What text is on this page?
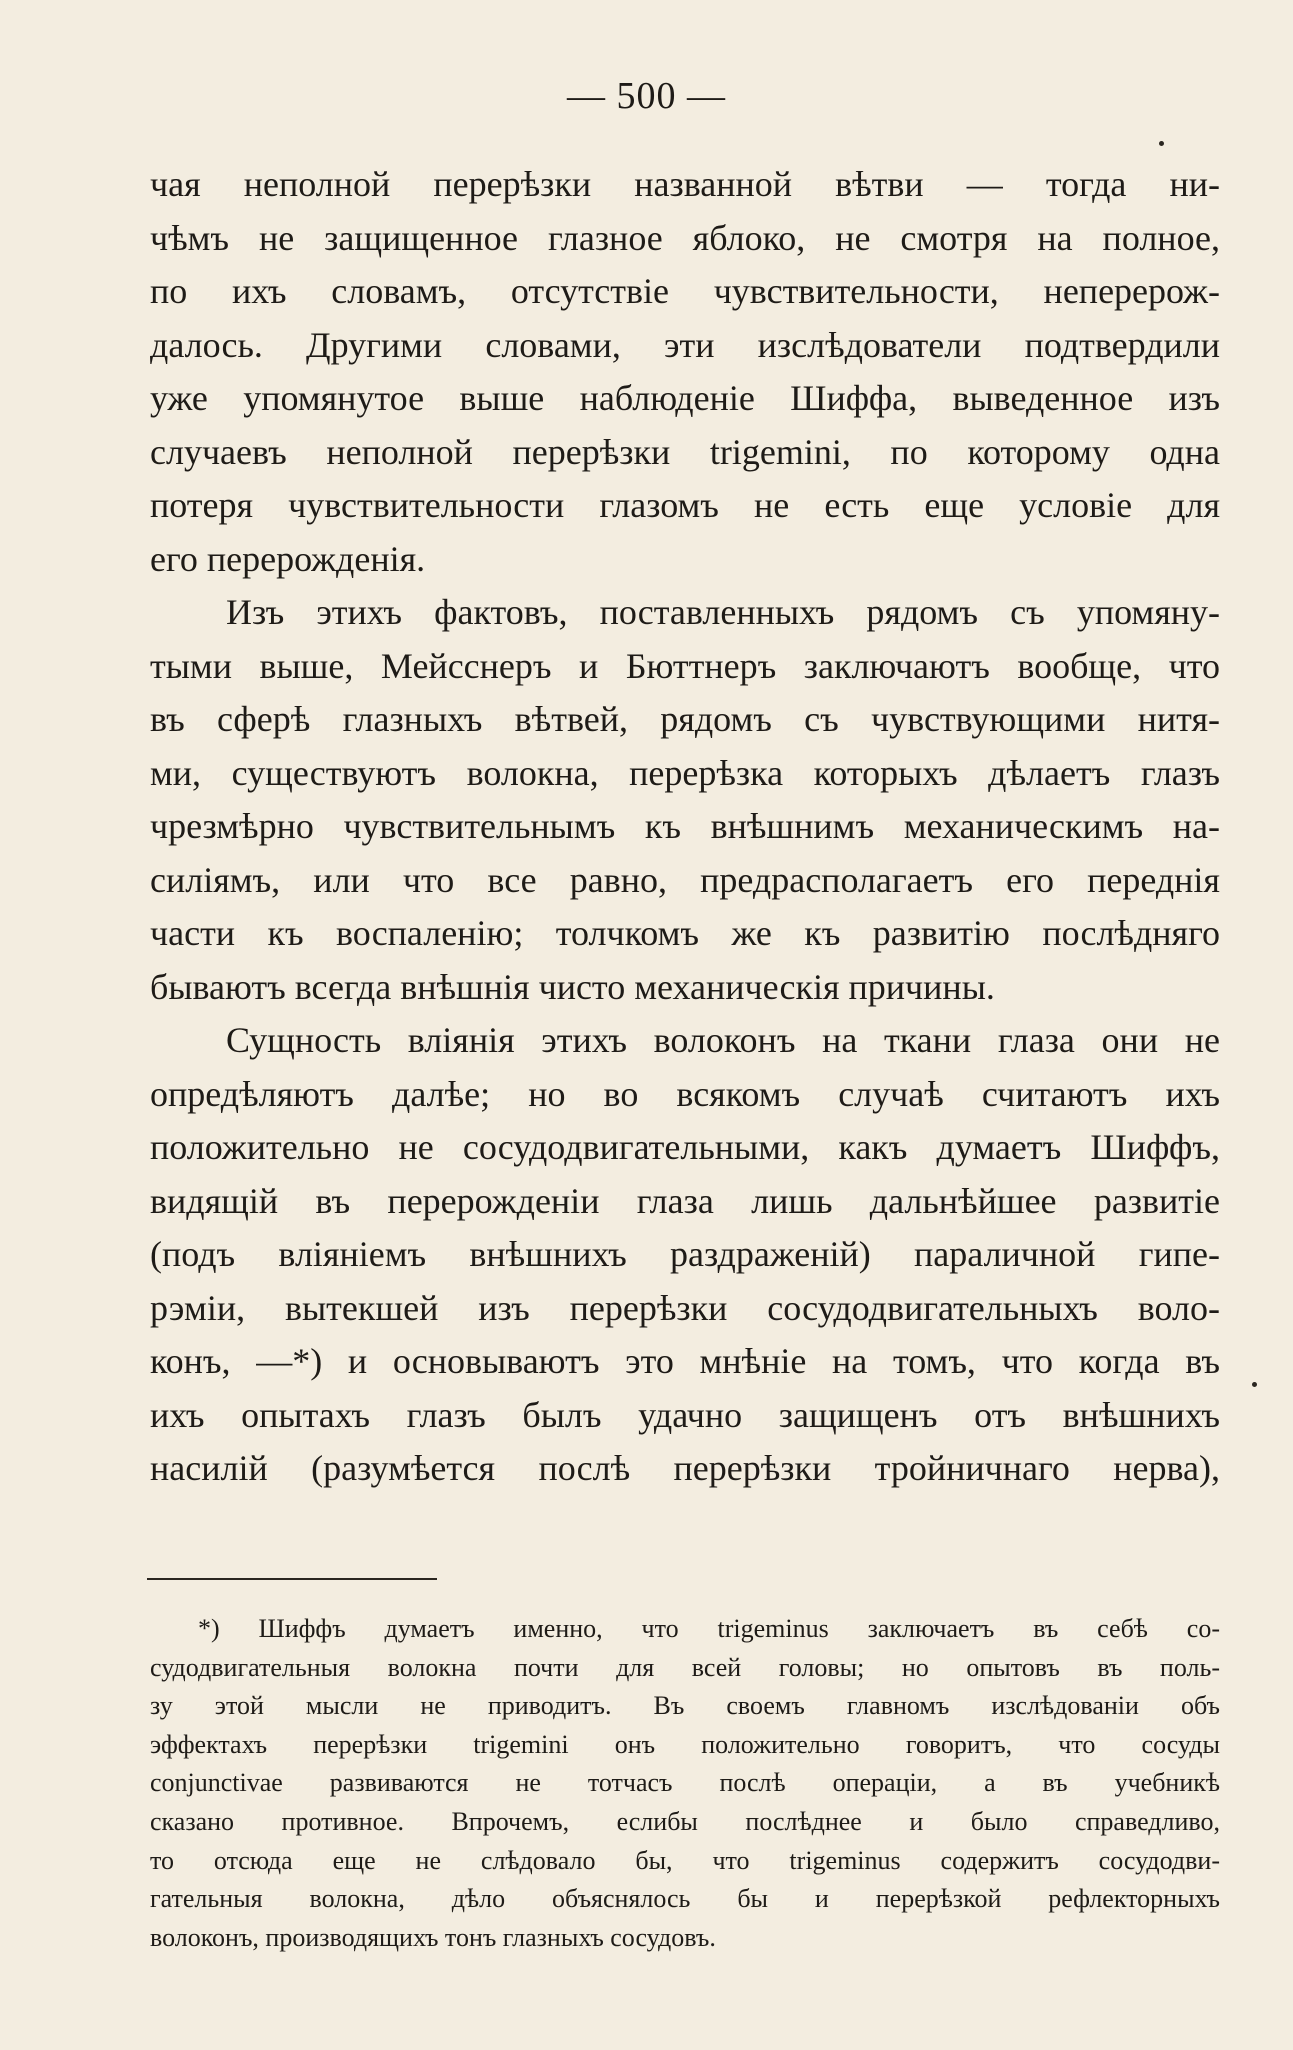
— 500 —
чая неполной перерѣзки названной вѣтви — тогда ни-
чѣмъ не защищенное глазное яблоко, не смотря на полное,
по ихъ словамъ, отсутствіе чувствительности, неперерож-
далось. Другими словами, эти изслѣдователи подтвердили
уже упомянутое выше наблюденіе Шиффа, выведенное изъ
случаевъ неполной перерѣзки trigemini, по которому одна
потеря чувствительности глазомъ не есть еще условіе для
его перерожденія.
Изъ этихъ фактовъ, поставленныхъ рядомъ съ упомяну-
тыми выше, Мейсснеръ и Бюттнеръ заключаютъ вообще, что
въ сферѣ глазныхъ вѣтвей, рядомъ съ чувствующими нитя-
ми, существуютъ волокна, перерѣзка которыхъ дѣлаетъ глазъ
чрезмѣрно чувствительнымъ къ внѣшнимъ механическимъ на-
силіямъ, или что все равно, предрасполагаетъ его переднія
части къ воспаленію; толчкомъ же къ развитію послѣдняго
бываютъ всегда внѣшнія чисто механическія причины.
Сущность вліянія этихъ волоконъ на ткани глаза они не
опредѣляютъ далѣе; но во всякомъ случаѣ считаютъ ихъ
положительно не сосудодвигательными, какъ думаетъ Шиффъ,
видящій въ перерожденіи глаза лишь дальнѣйшее развитіе
(подъ вліяніемъ внѣшнихъ раздраженій) параличной гипе-
рэміи, вытекшей изъ перерѣзки сосудодвигательныхъ воло-
конъ, —*) и основываютъ это мнѣніе на томъ, что когда въ
ихъ опытахъ глазъ былъ удачно защищенъ отъ внѣшнихъ
насилій (разумѣется послѣ перерѣзки тройничнаго нерва),
*) Шиффъ думаетъ именно, что trigeminus заключаетъ въ себѣ со-
судодвигательныя волокна почти для всей головы; но опытовъ въ поль-
зу этой мысли не приводитъ. Въ своемъ главномъ изслѣдованіи объ
эффектахъ перерѣзки trigemini онъ положительно говоритъ, что сосуды
conjunctivae развиваются не тотчасъ послѣ операціи, а въ учебникѣ
сказано противное. Впрочемъ, еслибы послѣднее и было справедливо,
то отсюда еще не слѣдовало бы, что trigeminus содержитъ сосудодви-
гательныя волокна, дѣло объяснялось бы и перерѣзкой рефлекторныхъ
волоконъ, производящихъ тонъ глазныхъ сосудовъ.
